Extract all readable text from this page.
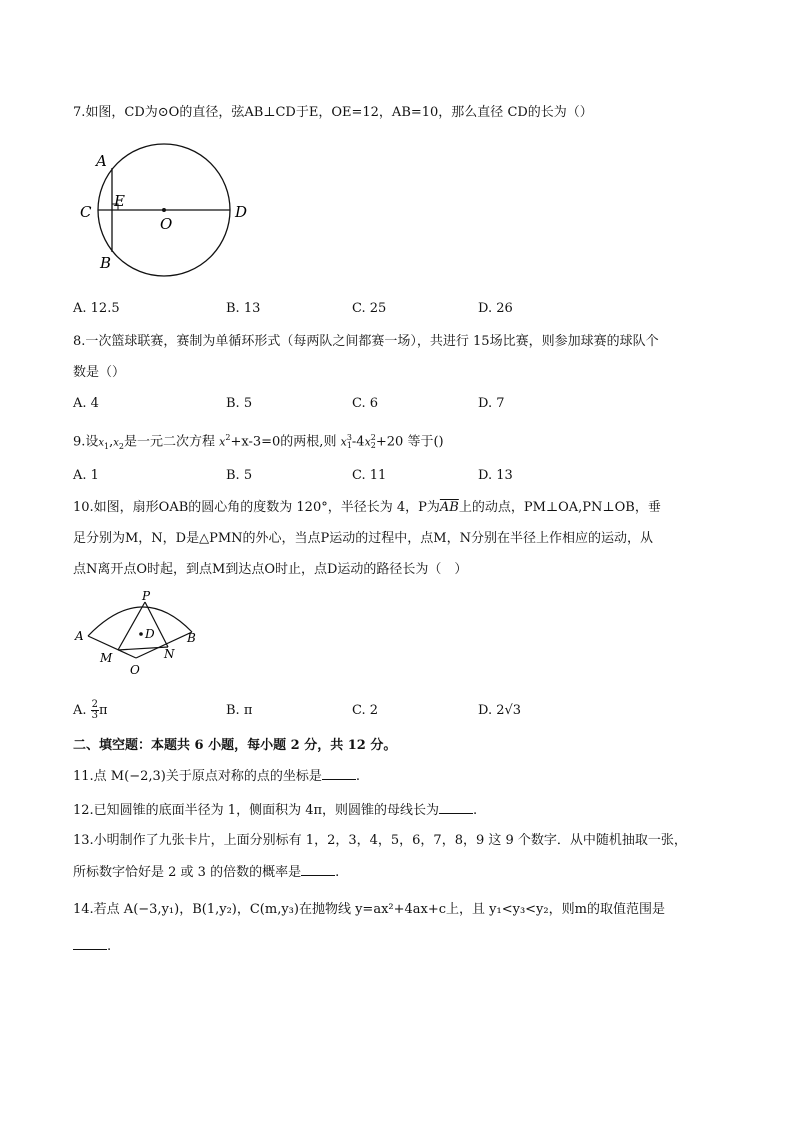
7.如图，CD为⊙O的直径，弦AB⊥CD于E，OE=12，AB=10，那么直径 CD的长为（）
A
E
C
O
D
B
A. 12.5	B. 13	C. 25	D. 26
8.一次篮球联赛，赛制为单循环形式（每两队之间都赛一场），共进行 15场比赛，则参加球赛的球队个
数是（）
A. 4	B. 5	C. 6	D. 7
9.设$x_1,x_2$是一元二次方程 $x^2+x-3=0$的两根,则 x 3
1 -4x 2
2 +20 等于()
A. 1	B. 5	C. 11	D. 13
10.如图，扇形OAB的圆心角的度数为 120°，半径长为 4，P为$\overline{AB}$上的动点，PM⊥OA,PN⊥OB，垂
足分别为M，N，D是△PMN的外心，当点P运动的过程中，点M，N分别在半径上作相应的运动，从
点N离开点O时起，到点M到达点O时止，点D运动的路径长为（　）
P
A	B
D
M	N
O
A. $\frac{2}{3}$ π	B. π	C. 2	D. 2√3
二、填空题：本题共 6 小题，每小题 2 分，共 12 分。
11.点 M(−2,3)关于原点对称的点的坐标是	.
12.已知圆锥的底面半径为 1，侧面积为 4π，则圆锥的母线长为	.
13.小明制作了九张卡片，上面分别标有 1，2，3，4，5，6，7，8，9 这 9 个数字．从中随机抽取一张，
所标数字恰好是 2 或 3 的倍数的概率是	.
14.若点 A(−3,y₁)，B(1,y₂)，C(m,y₃)在抛物线 y=ax²+4ax+c上，且 y₁<y₃<y₂，则m的取值范围是
.
